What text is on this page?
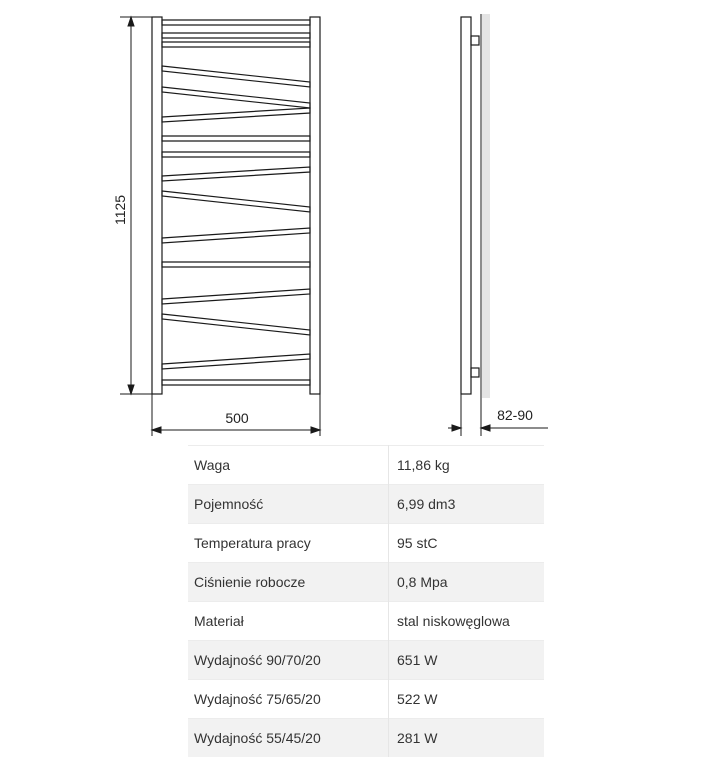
1125
500	82-90
Waga	11,86 kg
Pojemność	6,99 dm3
Temperatura pracy	95 stC
Ciśnienie robocze	0,8 Mpa
Materiał	stal niskowęglowa
Wydajność 90/70/20	651 W
Wydajność 75/65/20	522 W
Wydajność 55/45/20	281 W
